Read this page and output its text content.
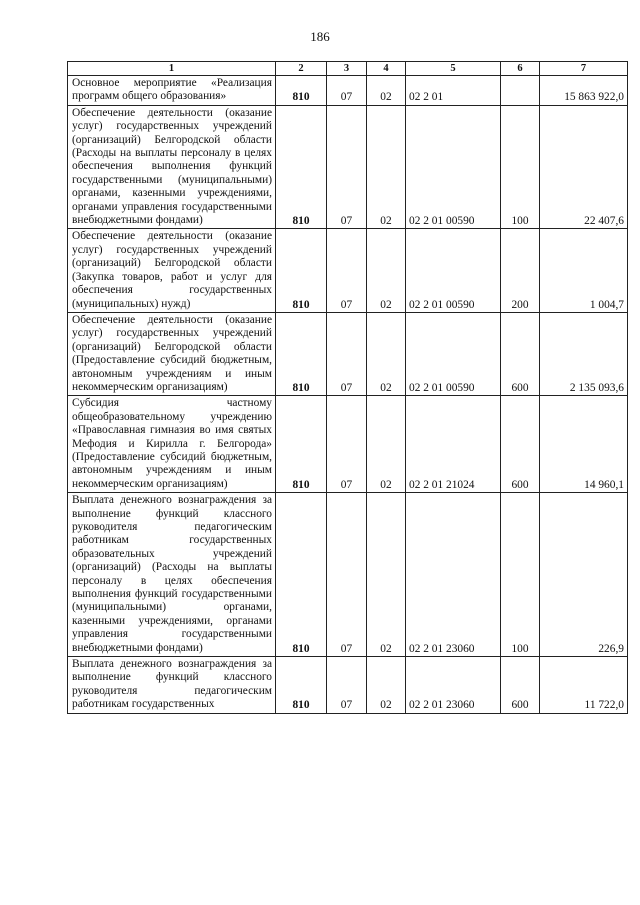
186
1	2	3	4	5	6	7
Основное мероприятие «Реализация программ общего образования»	810	07	02	02 2 01		15 863 922,0
Обеспечение деятельности (оказание услуг) государственных учреждений (организаций) Белгородской области (Расходы на выплаты персоналу в целях обеспечения выполнения функций государственными (муниципальными) органами, казенными учреждениями, органами управления государственными внебюджетными фондами)	810	07	02	02 2 01 00590	100	22 407,6
Обеспечение деятельности (оказание услуг) государственных учреждений (организаций) Белгородской области (Закупка товаров, работ и услуг для обеспечения государственных (муниципальных) нужд)	810	07	02	02 2 01 00590	200	1 004,7
Обеспечение деятельности (оказание услуг) государственных учреждений (организаций) Белгородской области (Предоставление субсидий бюджетным, автономным учреждениям и иным некоммерческим организациям)	810	07	02	02 2 01 00590	600	2 135 093,6
Субсидия частному общеобразовательному учреждению «Православная гимназия во имя святых Мефодия и Кирилла г. Белгорода» (Предоставление субсидий бюджетным, автономным учреждениям и иным некоммерческим организациям)	810	07	02	02 2 01 21024	600	14 960,1
Выплата денежного вознаграждения за выполнение функций классного руководителя педагогическим работникам государственных образовательных учреждений (организаций) (Расходы на выплаты персоналу в целях обеспечения выполнения функций государственными (муниципальными) органами, казенными учреждениями, органами управления государственными внебюджетными фондами)	810	07	02	02 2 01 23060	100	226,9
Выплата денежного вознаграждения за выполнение функций классного руководителя педагогическим работникам государственных	810	07	02	02 2 01 23060	600	11 722,0
